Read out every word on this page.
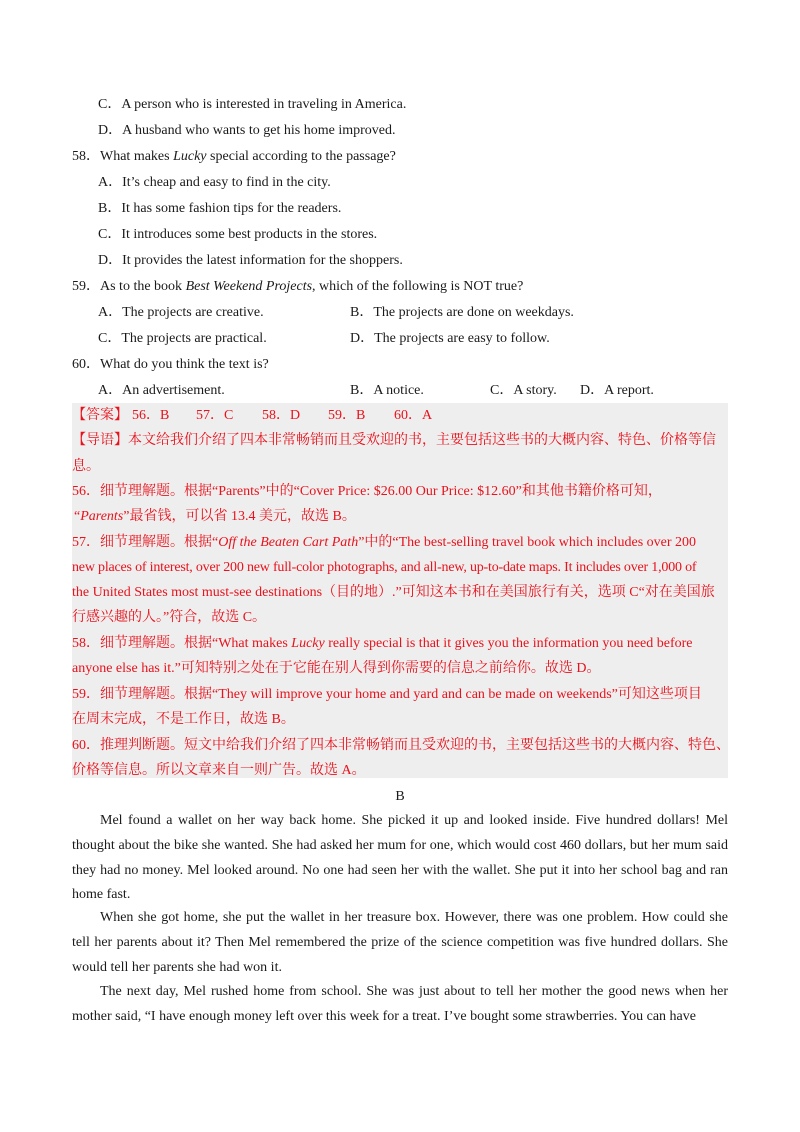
C．A person who is interested in traveling in America.
D．A husband who wants to get his home improved.
58．What makes Lucky special according to the passage?
A．It’s cheap and easy to find in the city.
B．It has some fashion tips for the readers.
C．It introduces some best products in the stores.
D．It provides the latest information for the shoppers.
59．As to the book Best Weekend Projects, which of the following is NOT true?
A．The projects are creative.	B．The projects are done on weekdays.
C．The projects are practical.	D．The projects are easy to follow.
60．What do you think the text is?
A．An advertisement.	B．A notice.	C．A story. D．A report.
【答案】 56．B 57．C 58．D 59．B 60．A
【导语】本文给我们介绍了四本非常畅销而且受欢迎的书，主要包括这些书的大概内容、特色、价格等信
息。
56．细节理解题。根据“Parents”中的“Cover Price: $26.00 Our Price: $12.60”和其他书籍价格可知，
“Parents”最省钱，可以省 13.4 美元，故选 B。
57．细节理解题。根据“Off the Beaten Cart Path”中的“The best-selling travel book which includes over 200
new places of interest, over 200 new full-color photographs, and all-new, up-to-date maps. It includes over 1,000 of
the United States most must-see destinations（目的地）.”可知这本书和在美国旅行有关，选项 C“对在美国旅
行感兴趣的人。”符合，故选 C。
58．细节理解题。根据“What makes Lucky really special is that it gives you the information you need before
anyone else has it.”可知特别之处在于它能在别人得到你需要的信息之前给你。故选 D。
59．细节理解题。根据“They will improve your home and yard and can be made on weekends”可知这些项目
在周末完成，不是工作日，故选 B。
60．推理判断题。短文中给我们介绍了四本非常畅销而且受欢迎的书，主要包括这些书的大概内容、特色、
价格等信息。所以文章来自一则广告。故选 A。
B
Mel found a wallet on her way back home. She picked it up and looked inside. Five hundred dollars! Mel thought about the bike she wanted. She had asked her mum for one, which would cost 460 dollars, but her mum said they had no money. Mel looked around. No one had seen her with the wallet. She put it into her school bag and ran home fast.
When she got home, she put the wallet in her treasure box. However, there was one problem. How could she tell her parents about it? Then Mel remembered the prize of the science competition was five hundred dollars. She would tell her parents she had won it.
The next day, Mel rushed home from school. She was just about to tell her mother the good news when her mother said, “I have enough money left over this week for a treat. I’ve bought some strawberries. You can have
